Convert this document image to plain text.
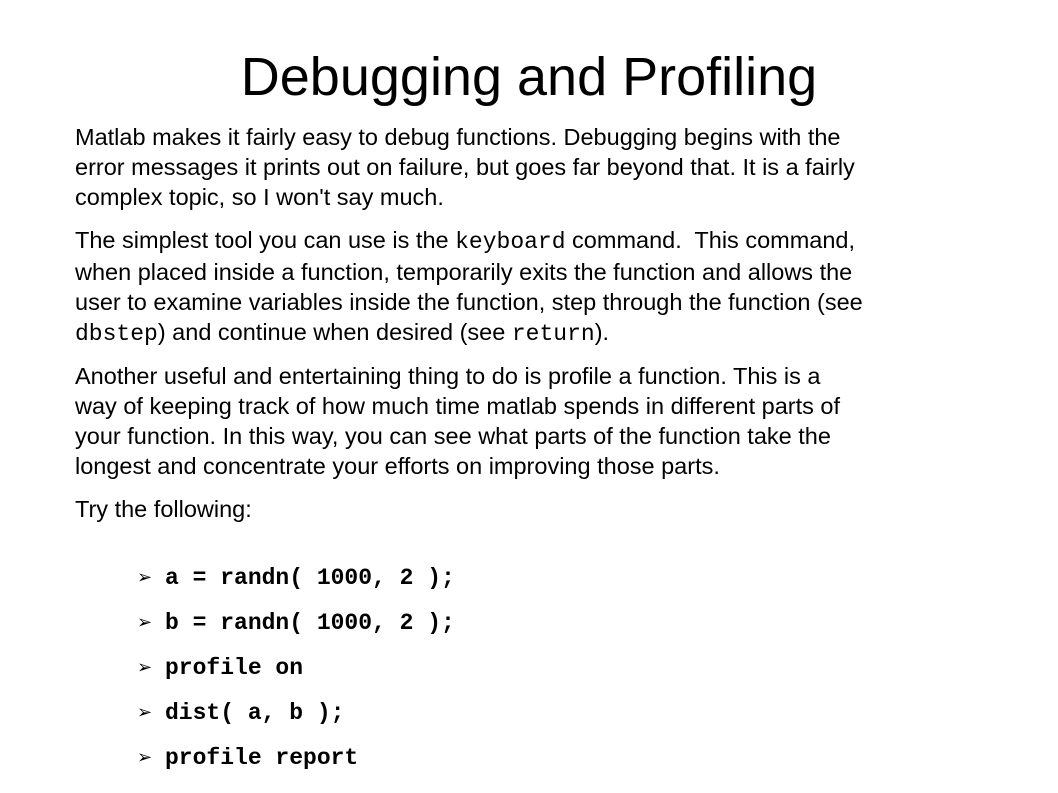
Debugging and Profiling

Matlab makes it fairly easy to debug functions. Debugging begins with the
error messages it prints out on failure, but goes far beyond that. It is a fairly
complex topic, so I won't say much.

The simplest tool you can use is the keyboard command.  This command,
when placed inside a function, temporarily exits the function and allows the
user to examine variables inside the function, step through the function (see
dbstep) and continue when desired (see return).

Another useful and entertaining thing to do is profile a function. This is a
way of keeping track of how much time matlab spends in different parts of
your function. In this way, you can see what parts of the function take the
longest and concentrate your efforts on improving those parts.

Try the following:

➢ a = randn( 1000, 2 );
➢ b = randn( 1000, 2 );
➢ profile on
➢ dist( a, b );
➢ profile report
